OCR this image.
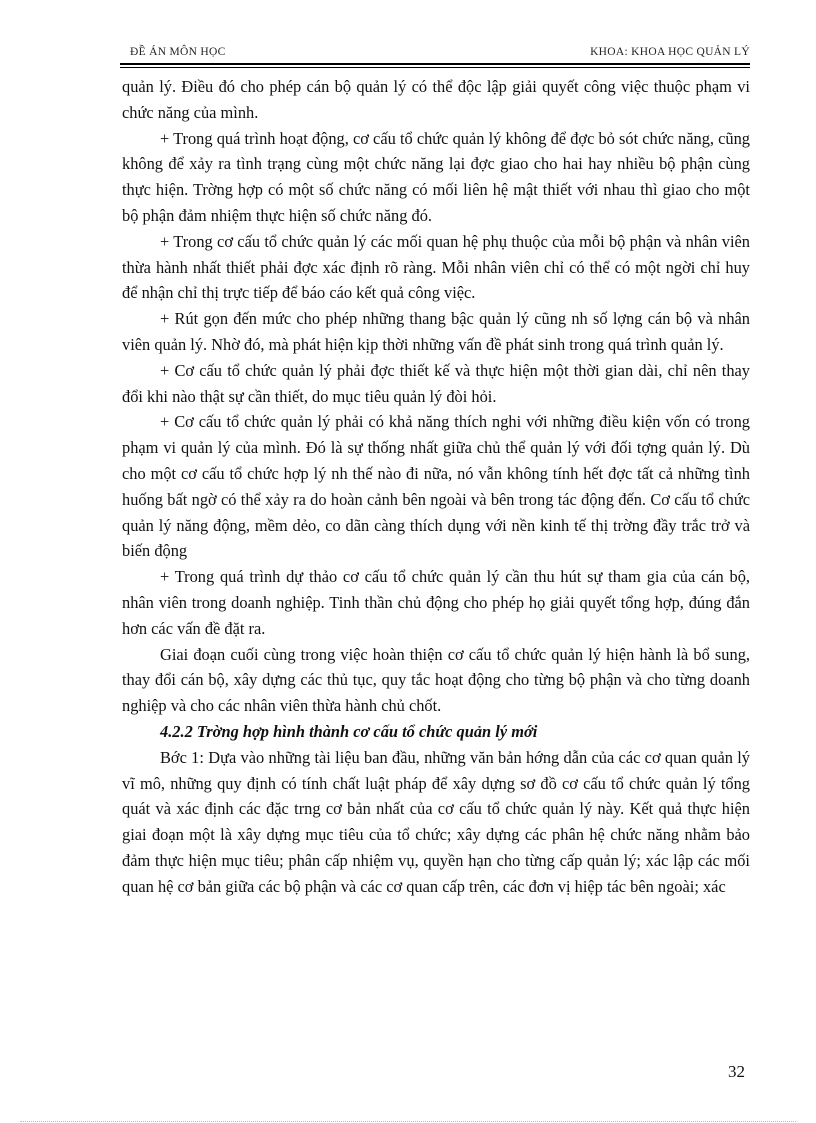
ĐỀ ÁN MÔN HỌC	KHOA: KHOA HỌC QUẢN LÝ

quản lý. Điều đó cho phép cán bộ quản lý có thể độc lập giải quyết công việc thuộc phạm vi chức năng của mình.

+ Trong quá trình hoạt động, cơ cấu tổ chức quản lý không để đợc bỏ sót chức năng, cũng không để xảy ra tình trạng cùng một chức năng lại đợc giao cho hai hay nhiều bộ phận cùng thực hiện. Trờng hợp có một số chức năng có mối liên hệ mật thiết với nhau thì giao cho một bộ phận đảm nhiệm thực hiện số chức năng đó.

+ Trong cơ cấu tổ chức quản lý các mối quan hệ phụ thuộc của mỗi bộ phận và nhân viên thừa hành nhất thiết phải đợc xác định rõ ràng. Mỗi nhân viên chỉ có thể có một ngời chỉ huy để nhận chỉ thị trực tiếp để báo cáo kết quả công việc.

+ Rút gọn đến mức cho phép những thang bậc quản lý cũng nh số lợng cán bộ và nhân viên quản lý. Nhờ đó, mà phát hiện kịp thời những vấn đề phát sinh trong quá trình quản lý.

+ Cơ cấu tổ chức quản lý phải đợc thiết kế và thực hiện một thời gian dài, chỉ nên thay đổi khi nào thật sự cần thiết, do mục tiêu quản lý đòi hỏi.

+ Cơ cấu tổ chức quản lý phải có khả năng thích nghi với những điều kiện vốn có trong phạm vi quản lý của mình. Đó là sự thống nhất giữa chủ thể quản lý với đối tợng quản lý. Dù cho một cơ cấu tổ chức hợp lý nh thế nào đi nữa, nó vẫn không tính hết đợc tất cả những tình huống bất ngờ có thể xảy ra do hoàn cảnh bên ngoài và bên trong tác động đến. Cơ cấu tổ chức quản lý năng động, mềm dẻo, co dãn càng thích dụng với nền kinh tế thị trờng đầy trắc trở và biến động

+ Trong quá trình dự thảo cơ cấu tổ chức quản lý cần thu hút sự tham gia của cán bộ, nhân viên trong doanh nghiệp. Tinh thần chủ động cho phép họ giải quyết tổng hợp, đúng đắn hơn các vấn đề đặt ra.

Giai đoạn cuối cùng trong việc hoàn thiện cơ cấu tổ chức quản lý hiện hành là bổ sung, thay đổi cán bộ, xây dựng các thủ tục, quy tắc hoạt động cho từng bộ phận và cho từng doanh nghiệp và cho các nhân viên thừa hành chủ chốt.

4.2.2 Trờng hợp hình thành cơ cấu tổ chức quản lý mới

Bớc 1: Dựa vào những tài liệu ban đầu, những văn bản hớng dẫn của các cơ quan quản lý vĩ mô, những quy định có tính chất luật pháp để xây dựng sơ đồ cơ cấu tổ chức quản lý tổng quát và xác định các đặc trng cơ bản nhất của cơ cấu tổ chức quản lý này. Kết quả thực hiện giai đoạn một là xây dựng mục tiêu của tổ chức; xây dựng các phân hệ chức năng nhằm bảo đảm thực hiện mục tiêu; phân cấp nhiệm vụ, quyền hạn cho từng cấp quản lý; xác lập các mối quan hệ cơ bản giữa các bộ phận và các cơ quan cấp trên, các đơn vị hiệp tác bên ngoài; xác

32
